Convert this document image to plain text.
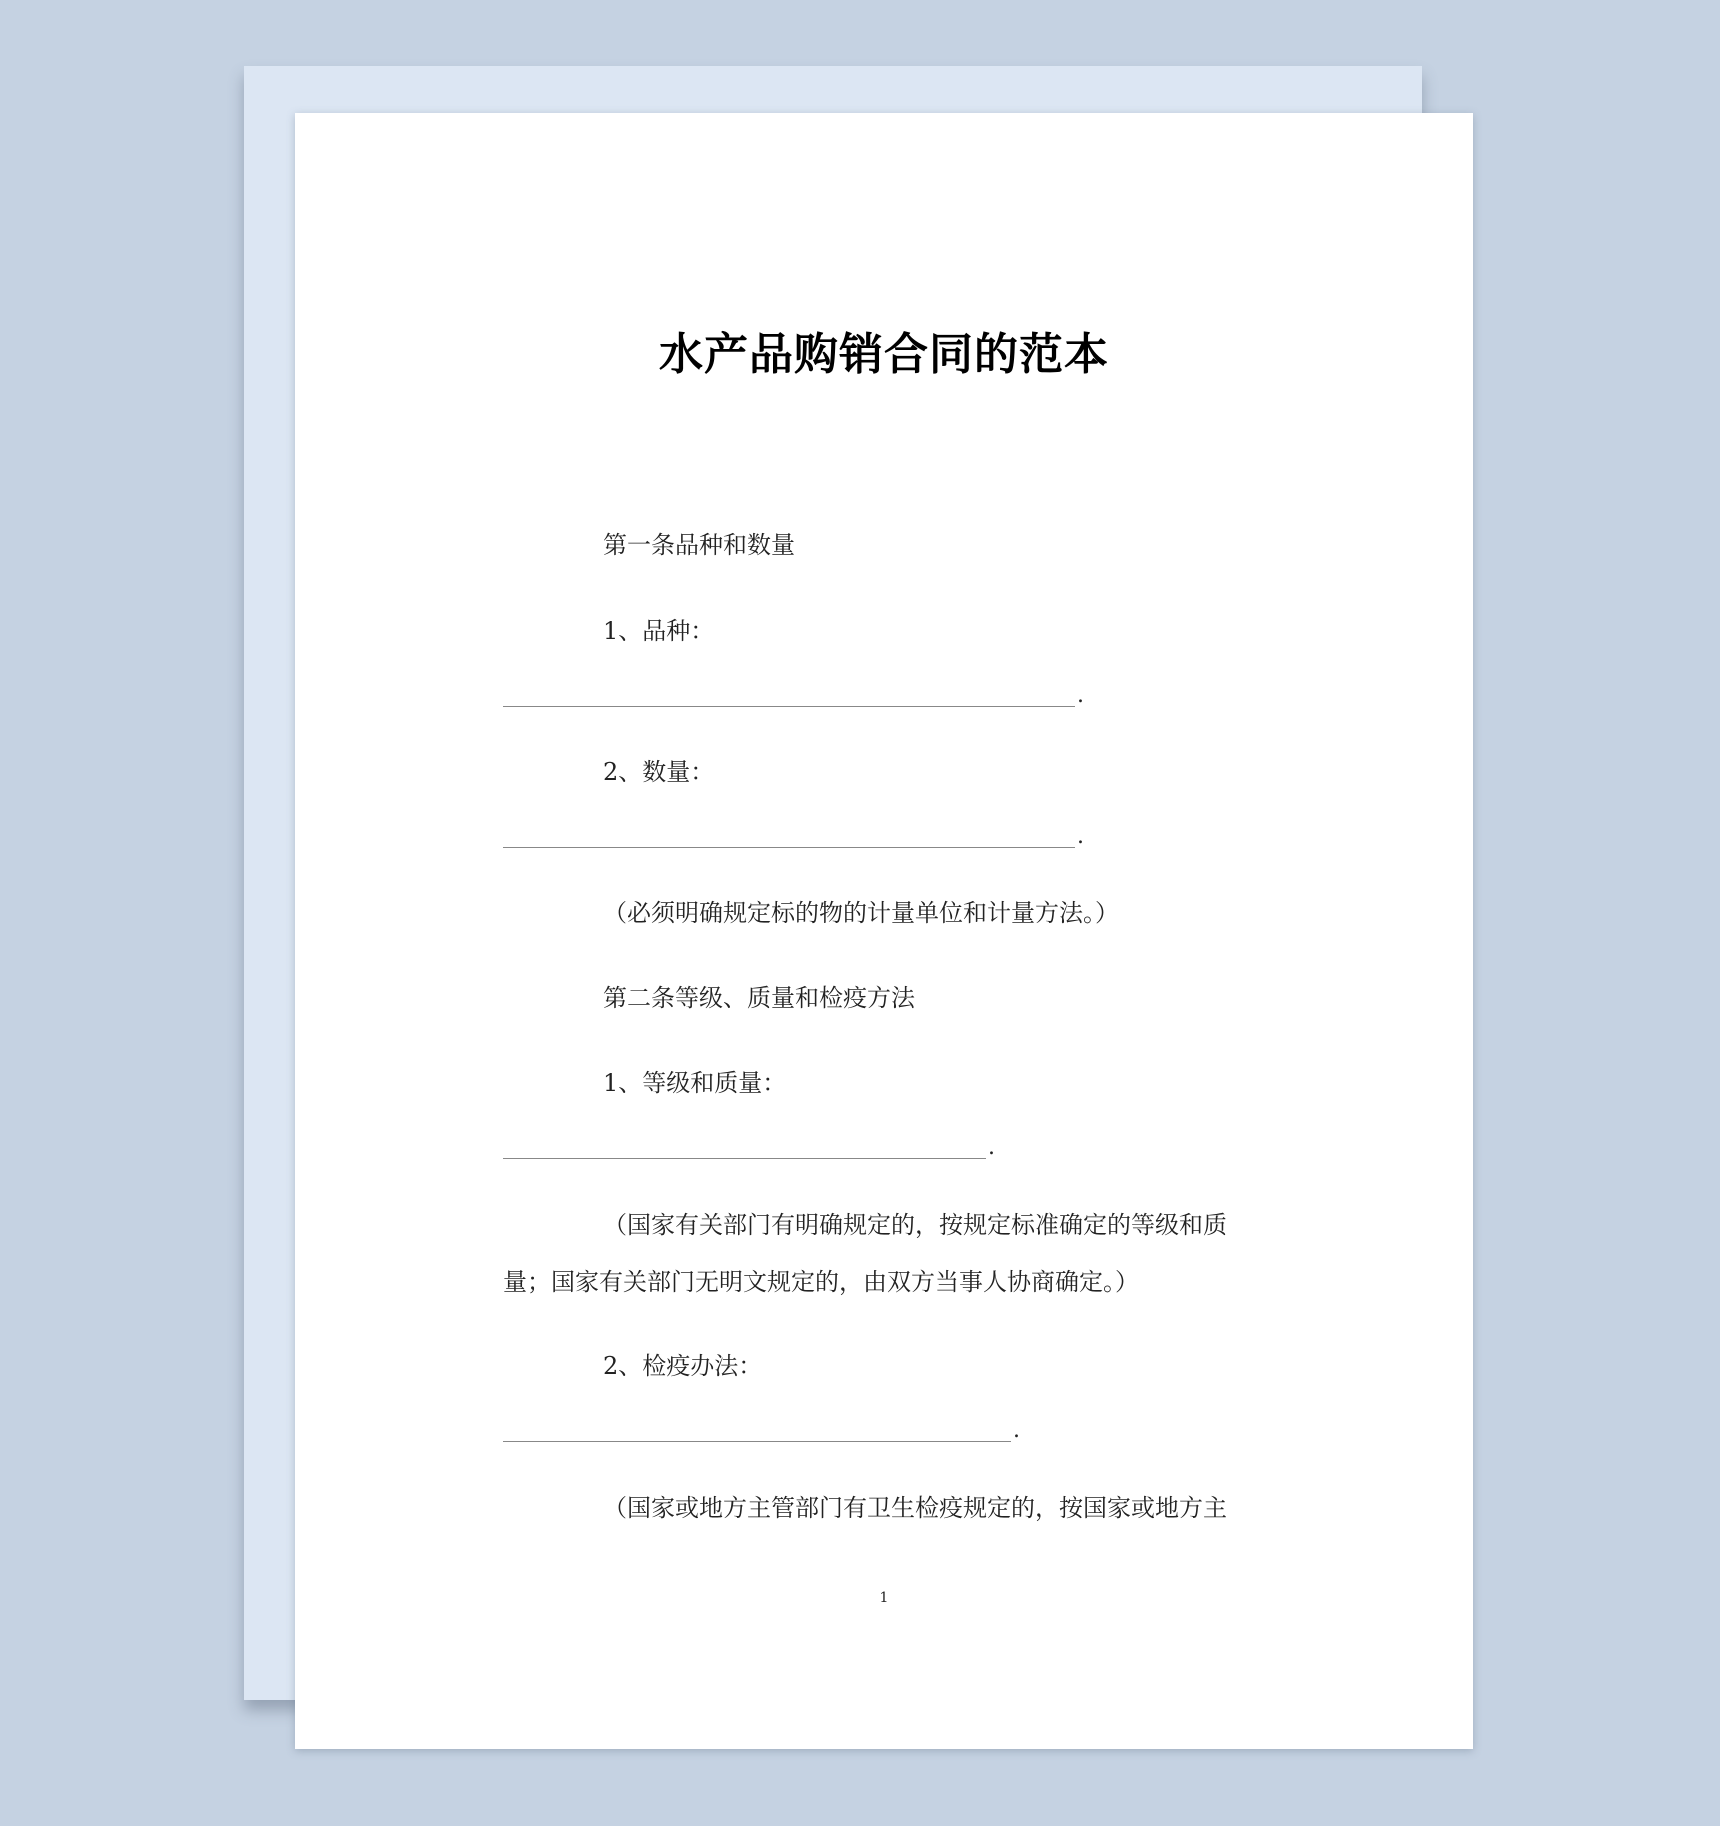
水产品购销合同的范本
第一条品种和数量
1、品种：
.
2、数量：
.
（必须明确规定标的物的计量单位和计量方法。）
第二条等级、质量和检疫方法
1、等级和质量：
.
（国家有关部门有明确规定的，按规定标准确定的等级和质
量；国家有关部门无明文规定的，由双方当事人协商确定。）
2、检疫办法：
.
（国家或地方主管部门有卫生检疫规定的，按国家或地方主
1
